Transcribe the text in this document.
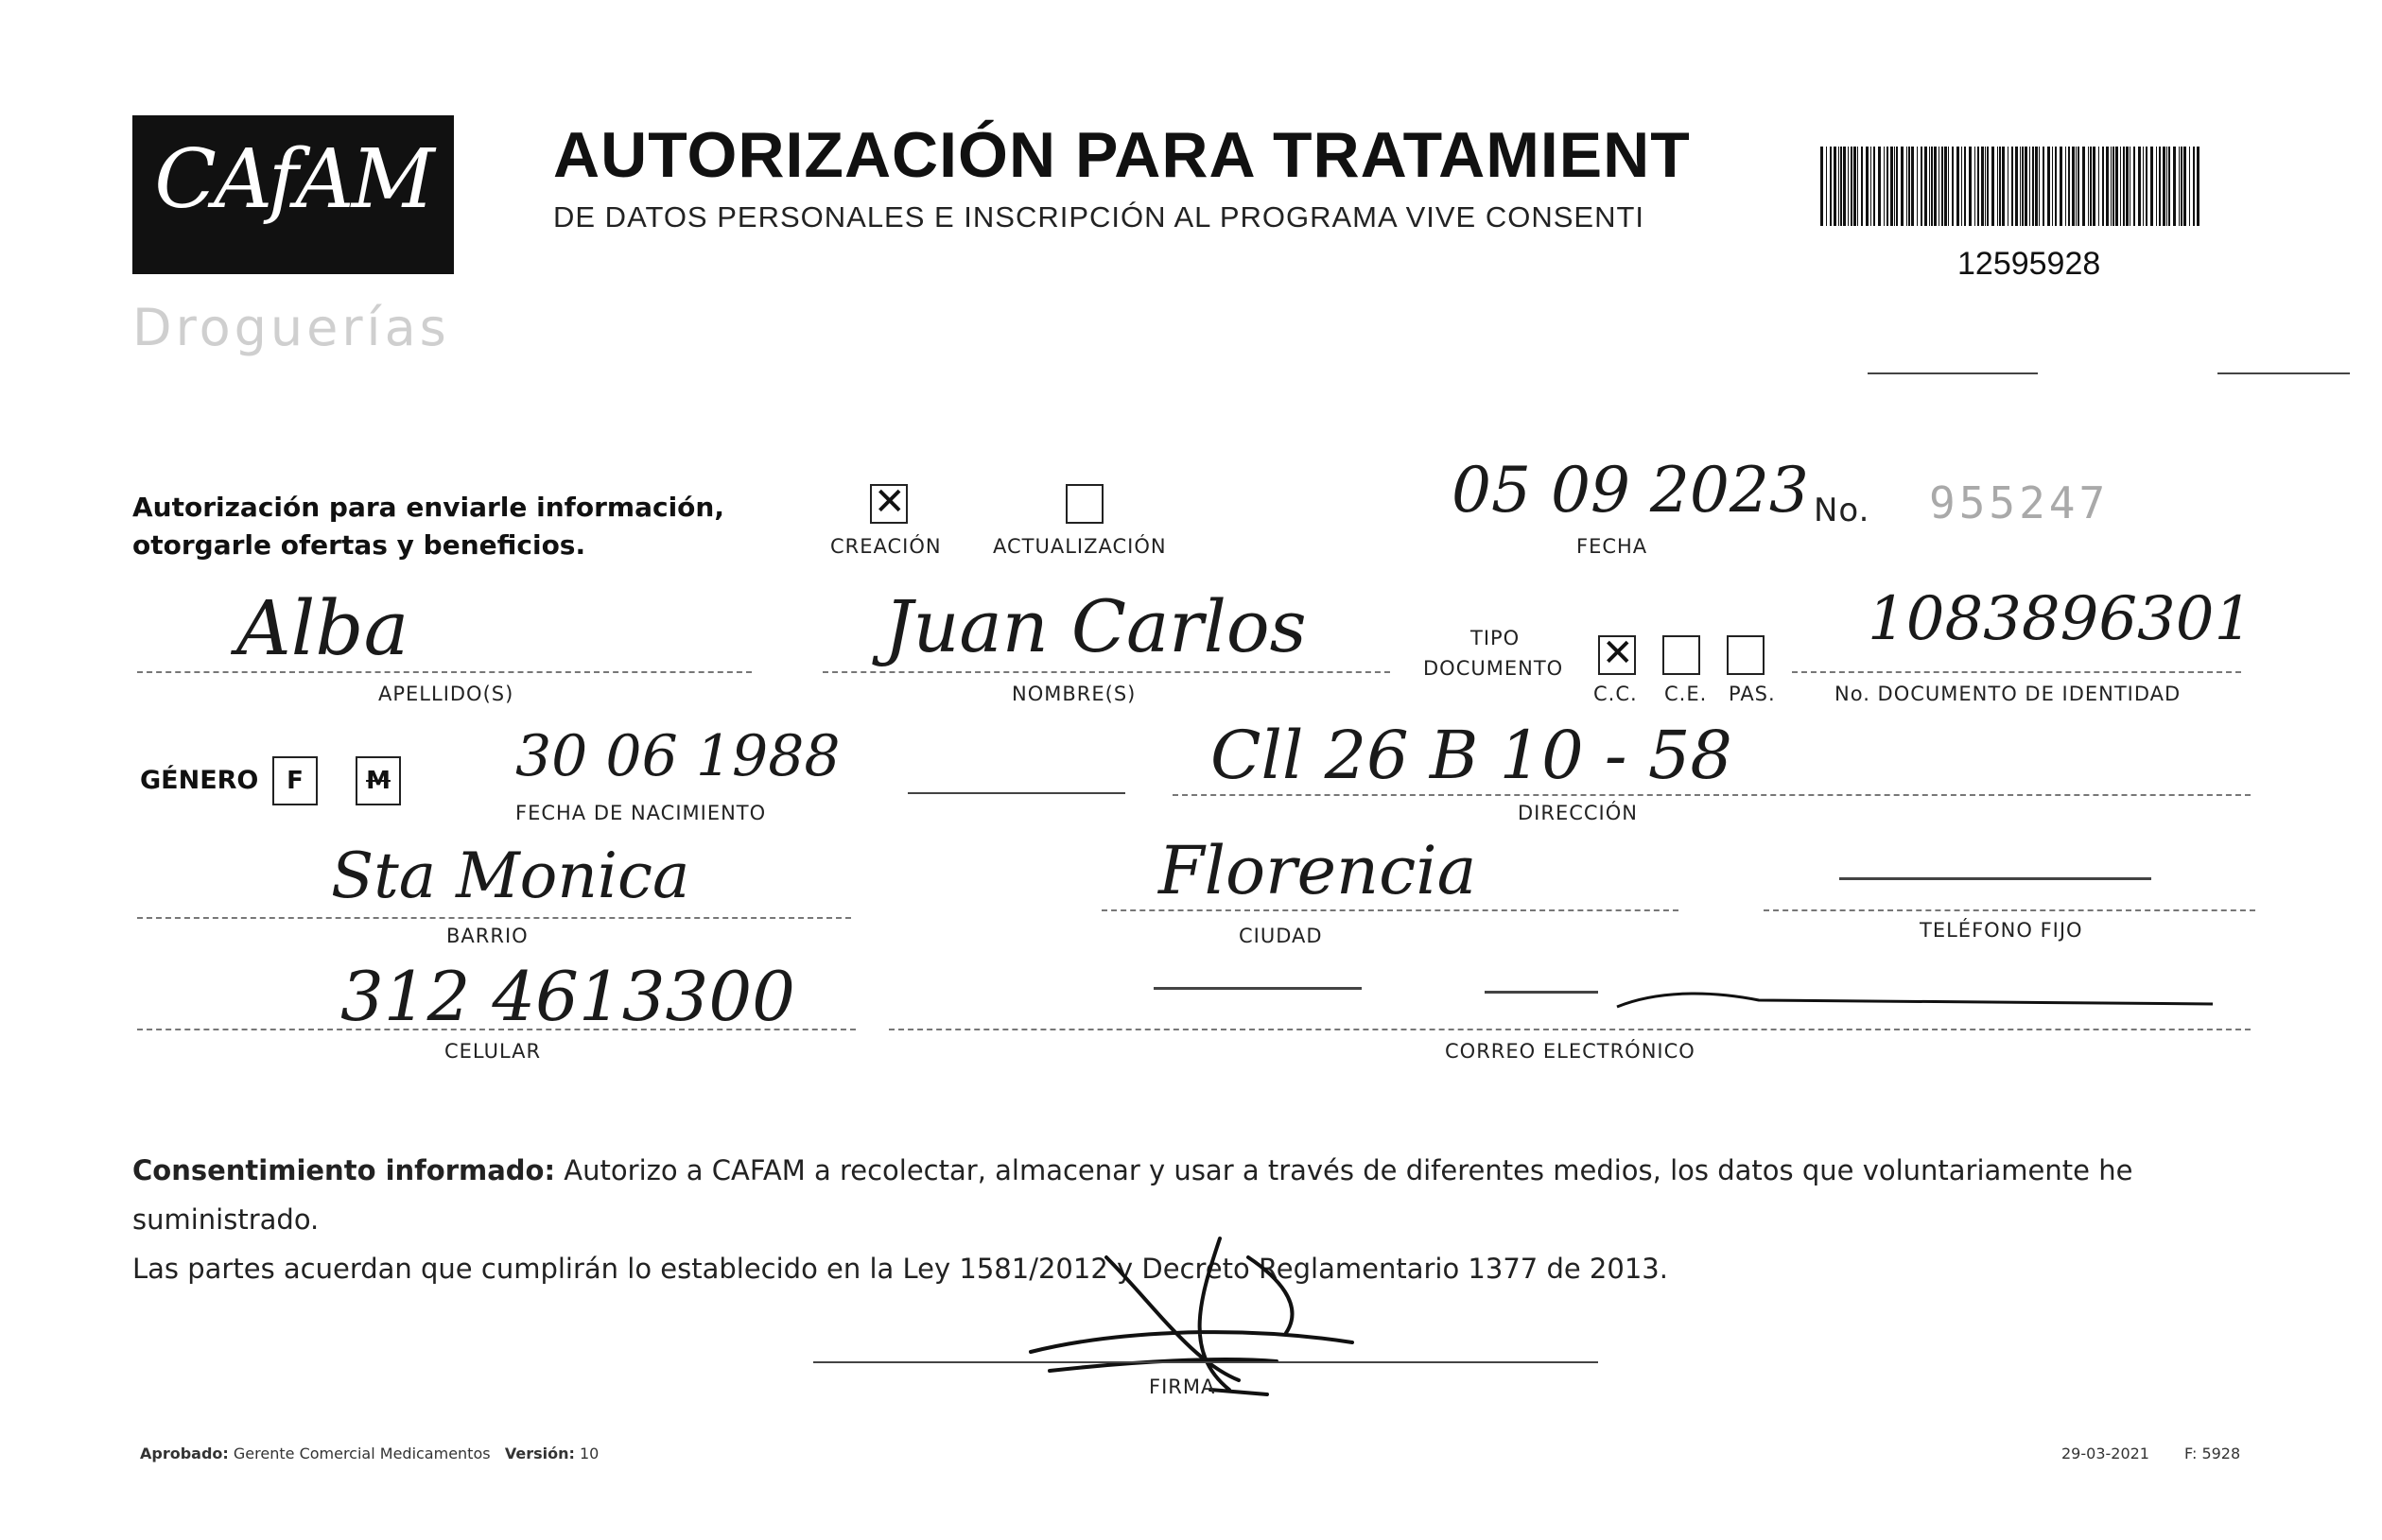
CAfAM
Droguerías
AUTORIZACIÓN PARA TRATAMIENT
DE DATOS PERSONALES E INSCRIPCIÓN AL PROGRAMA VIVE CONSENTI
12595928
Autorización para enviarle información,
otorgarle ofertas y beneficios.
✕	CREACIÓN	ACTUALIZACIÓN
05 09 2023
FECHA
No. 955247
Alba
APELLIDO(S)
Juan Carlos
NOMBRE(S)
TIPO
DOCUMENTO
✕
C.C. C.E. PAS.
1083896301
No. DOCUMENTO DE IDENTIDAD
GÉNERO	F	M 30 06 1988
FECHA DE NACIMIENTO
Cll 26 B 10 - 58
DIRECCIÓN
Sta Monica
BARRIO
Florencia
CIUDAD	TELÉFONO FIJO
312 4613300
CELULAR	CORREO ELECTRÓNICO
Consentimiento informado: Autorizo a CAFAM a recolectar, almacenar y usar a través de diferentes medios, los datos que voluntariamente he suministrado.
Las partes acuerdan que cumplirán lo establecido en la Ley 1581/2012 y Decreto Reglamentario 1377 de 2013.
FIRMA
Aprobado: Gerente Comercial Medicamentos Versión: 10	29-03-2021 F: 5928
